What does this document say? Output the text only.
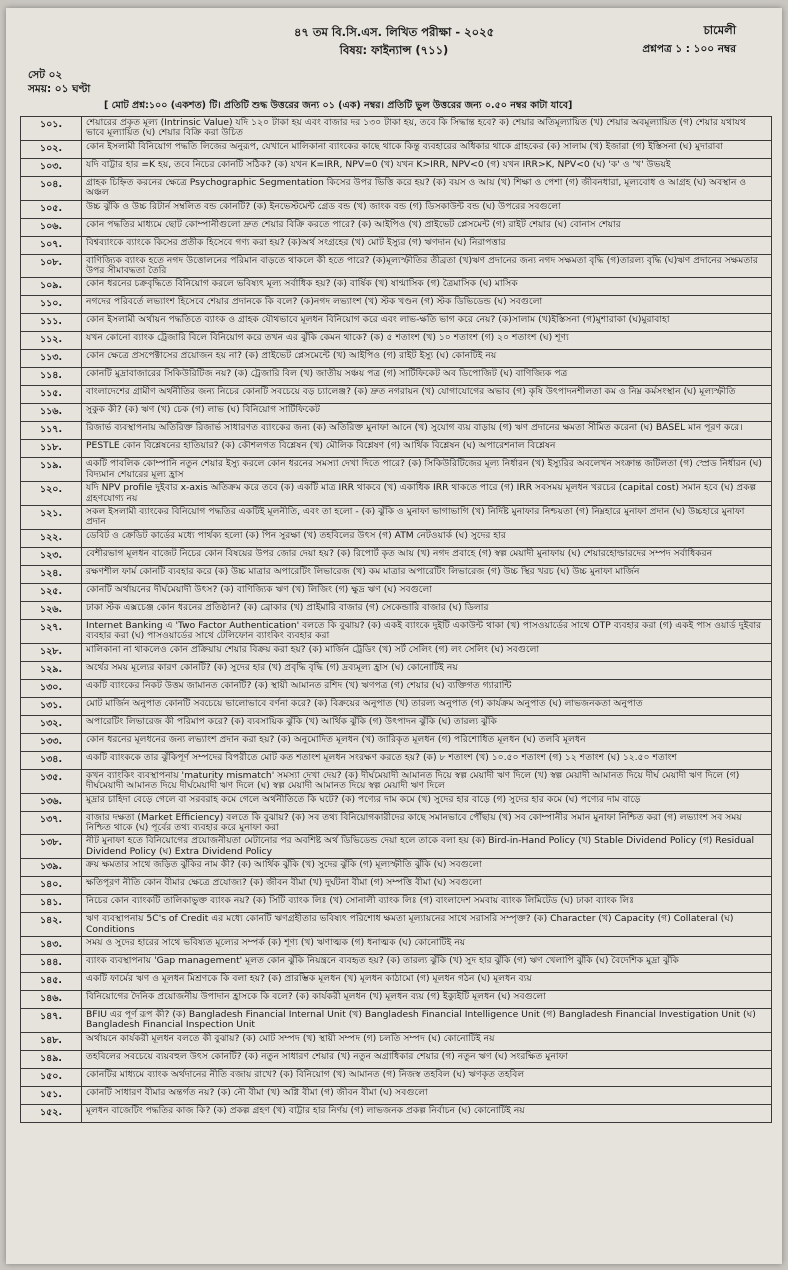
৪৭ তম বি.সি.এস. লিখিত পরীক্ষা - ২০২৫
বিষয়: ফাইন্যান্স (৭১১)
সেট ০২
সময়: ০১ ঘণ্টা
চামেলী
প্রশ্নপত্র ১ : ১০০ নম্বর
[ মোট প্রশ্ন:১০০ (একশত) টি। প্রতিটি শুদ্ধ উত্তরের জন্য ০১ (এক) নম্বর। প্রতিটি ভুল উত্তরের জন্য ০.৫০ নম্বর কাটা যাবে]
১০১.	শেয়ারের প্রকৃত মূল্য (Intrinsic Value) যদি ১২০ টাকা হয় এবং বাজার দর ১৩০ টাকা হয়, তবে কি সিদ্ধান্ত হবে? ক) শেয়ার অতিমূল্যায়িত (খ) শেয়ার অবমূল্যায়িত (গ) শেয়ার যথাযথ ভাবে মূল্যায়িত (ঘ) শেয়ার বিক্রি করা উচিত
১০২.	কোন ইসলামী বিনিয়োগ পদ্ধতি লিজের অনুরূপ, যেখানে মালিকানা ব্যাংকের কাছে থাকে কিন্তু ব্যবহারের অধিকার থাকে গ্রাহকের (ক) সালাম (খ) ইজারা (গ) ইস্তিসনা (ঘ) মুদারাবা
১০৩.	যদি বাট্টার হার =K হয়, তবে নিচের কোনটি সঠিক? (ক) যখন K=IRR, NPV=0 (খ) যখন K>IRR, NPV<0 (গ) যখন IRR>K, NPV<0 (ঘ) 'ক' ও 'খ' উভয়ই
১০৪.	গ্রাহক চিহ্নিত করনের ক্ষেত্রে Psychographic Segmentation কিসের উপর ভিত্তি করে হয়? (ক) বয়স ও আয় (খ) শিক্ষা ও পেশা (গ) জীবনধারা, মূল্যবোধ ও আগ্রহ (ঘ) অবস্থান ও অঞ্চল
১০৫.	উচ্চ ঝুঁকি ও উচ্চ রিটার্ন সম্বলিত বন্ড কোনটি? (ক) ইনভেস্টমেন্ট গ্রেড বন্ড (খ) জাংক বন্ড (গ) ডিসকাউন্ট বন্ড (ঘ) উপরের সবগুলো
১০৬.	কোন পদ্ধতির মাধ্যমে ছোট কোম্পানীগুলো দ্রুত শেয়ার বিক্রি করতে পারে? (ক) আইপিও (খ) প্রাইভেট প্লেসমেন্ট (গ) রাইট শেয়ার (ঘ) বোনাস শেয়ার
১০৭.	বিশ্বব্যাংকে ব্যাংকে কিসের প্রতীক হিসেবে গণ্য করা হয়? (ক)অর্থ সংগ্রহের (খ) মোট ইস্যুর (গ) ঋণদান (ঘ) নিরাপত্তার
১০৮.	বাণিজ্যিক ব্যাংক হতে নগদ উত্তোলনের পরিমান বাড়তে থাকলে কী হতে পারে? (ক)মূল্যস্ফীতির তীব্রতা (খ)ঋণ প্রদানের জন্য নগদ সক্ষমতা বৃদ্ধি (গ)তারল্য বৃদ্ধি (ঘ)ঋণ প্রদানের সক্ষমতার উপর সীমাবদ্ধতা তৈরি
১০৯.	কোন ধরনের চক্রবৃদ্ধিতে বিনিয়োগ করলে ভবিষ্যৎ মূল্য সর্বাধিক হয়? (ক) বার্ষিক (খ) ষাণ্মাসিক (গ) ত্রৈমাসিক (ঘ) মাসিক
১১০.	নগদের পরিবর্তে লভ্যাংশ হিসেবে শেয়ার প্রদানকে কি বলে? (ক)নগদ লভ্যাংশ (খ) স্টক খণ্ডন (গ) স্টক ডিভিডেন্ড (ঘ) সবগুলো
১১১.	কোন ইসলামী অর্থায়ন পদ্ধতিতে ব্যাংক ও গ্রাহক যৌথভাবে মূলধন বিনিয়োগ করে এবং লাভ-ক্ষতি ভাগ করে নেয়? (ক)সালাম (খ)ইস্তিসনা (গ)মুশারাকা (ঘ)মুরাবাহা
১১২.	যখন কোনো ব্যাংক ট্রেজারি বিলে বিনিয়োগ করে তখন এর ঝুঁকি কেমন থাকে? (ক) ৫ শতাংশ (খ) ১০ শতাংশ (গ) ২০ শতাংশ (ঘ) শূণ্য
১১৩.	কোন ক্ষেত্রে প্রসপেক্টাসের প্রয়োজন হয় না? (ক) প্রাইভেট প্লেসমেন্টে (খ) আইপিও (গ) রাইট ইস্যু (ঘ) কোনটিই নয়
১১৪.	কোনটি মুদ্রাবাজারের সিকিউরিটিজ নয়? (ক) ট্রেজারি বিল (খ) জাতীয় সঞ্চয় পত্র (গ) সার্টিফিকেট অব ডিপোজিট (ঘ) বাণিজ্যিক পত্র
১১৫.	বাংলাদেশের গ্রামীণ অর্থনীতির জন্য নিচের কোনটি সবচেয়ে বড় চ্যালেঞ্জ? (ক) দ্রুত নগরায়ন (খ) যোগাযোগের অভাব (গ) কৃষি উৎপাদনশীলতা কম ও নিম্ন কর্মসংস্থান (ঘ) মূল্যস্ফীতি
১১৬.	সুকুক কী? (ক) ঋণ (খ) চেক (গ) লাভ (ঘ) বিনিয়োগ সার্টিফিকেট
১১৭.	রিজার্ভ ব্যবস্থাপনায় অতিরিক্ত রিজার্ভ সাধারণত ব্যাংকের জন্য (ক) অতিরিক্ত মুনাফা আনে (খ) সুযোগ ব্যয় বাড়ায় (গ) ঋণ প্রদানের ক্ষমতা সীমিত করেনা (ঘ) BASEL মান পূরণ করে।
১১৮.	PESTLE কোন বিশ্লেষনের হাতিয়ার? (ক) কৌশলগত বিশ্লেষন (খ) মৌলিক বিশ্লেষণ (গ) আর্থিক বিশ্লেষন (ঘ) অপারেশনাল বিশ্লেষন
১১৯.	একটি পাবলিক কোম্পানি নতুন শেয়ার ইস্যু করলে কোন ধরনের সমস্যা দেখা দিতে পারে? (ক) সিকিউরিটিজের মূল্য নির্ধারন (খ) ইস্যুরির অবলেখন সংক্রান্ত জটিলতা (গ) স্প্রেড নির্ধারন (ঘ) বিদ্যমান শেয়ারের মূল্য হ্রাস
১২০.	যদি NPV profile দুইবার x-axis অতিক্রম করে তবে (ক) একটি মাত্র IRR থাকবে (খ) একাধিক IRR থাকতে পারে (গ) IRR সবসময় মূলধন খরচের (capital cost) সমান হবে (ঘ) প্রকল্প গ্রহণযোগ্য নয়
১২১.	সকল ইসলামী ব্যাংকের বিনিয়োগ পদ্ধতির একটিই মূলনীতি, এবং তা হলো - (ক) ঝুঁকি ও মুনাফা ভাগাভাগি (খ) নির্দিষ্ট মুনাফার নিশ্চয়তা (গ) নিম্নহারে মুনাফা প্রদান (ঘ) উচ্চহারে মুনাফা প্রদান
১২২.	ডেবিট ও ক্রেডিট কার্ডের মধ্যে পার্থক্য হলো (ক) পিন সুরক্ষা (খ) তহবিলের উৎস (গ) ATM নেটওয়ার্ক (ঘ) সুদের হার
১২৩.	বেশীরভাগ মূলধন বাজেট নিচের কোন বিষয়ের উপর জোর দেয়া হয়? (ক) রিপোর্ট কৃত আয় (খ) নগদ প্রবাহে (গ) স্বল্প মেয়াদী মুনাফায় (ঘ) শেয়ারহোল্ডারদের সম্পদ সর্বাধিকরন
১২৪.	রক্ষণশীল ফার্ম কোনটি ব্যবহার করে (ক) উচ্চ মাত্রার অপারেটিং লিভারেজ (খ) কম মাত্রার অপারেটিং লিভারেজ (গ) উচ্চ স্থির খরচ (ঘ) উচ্চ মুনাফা মার্জিন
১২৫.	কোনটি অর্থায়নের দীর্ঘমেয়াদী উৎস? (ক) বাণিজ্যিক ঋণ (খ) লিজিং (গ) ক্ষুদ্র ঋণ (ঘ) সবগুলো
১২৬.	ঢাকা স্টক এক্সচেঞ্জ কোন ধরনের প্রতিষ্ঠান? (ক) ব্রোকার (খ) প্রাইমারি বাজার (গ) সেকেন্ডারি বাজার (ঘ) ডিলার
১২৭.	Internet Banking এ 'Two Factor Authentication' বলতে কি বুঝায়? (ক) একই ব্যাংকে দুইটি একাউন্ট থাকা (খ) পাসওয়ার্ডের সাথে OTP ব্যবহার করা (গ) একই পাস ওয়ার্ড দুইবার ব্যবহার করা (ঘ) পাসওয়ার্ডের সাথে টেলিফোন ব্যাংকিং ব্যবহার করা
১২৮.	মালিকানা না থাকলেও কোন প্রক্রিয়ায় শেয়ার বিক্রয় করা হয়? (ক) মার্জিন ট্রেডিং (খ) সর্ট সেলিং (গ) লং সেলিং (ঘ) সবগুলো
১২৯.	অর্থের সময় মূল্যের কারণ কোনটি? (ক) সুদের হার (খ) প্রবৃদ্ধি বৃদ্ধি (গ) দ্রব্যমূল্য হ্রাস (ঘ) কোনোটিই নয়
১৩০.	একটি ব্যাংকের নিকট উত্তম জামানত কোনটি? (ক) স্থায়ী আমানত রশিদ (খ) ঋণপত্র (গ) শেয়ার (ঘ) ব্যক্তিগত গ্যারান্টি
১৩১.	মোট মার্জিন অনুপাত কোনটি সবচেয়ে ভালোভাবে বর্ণনা করে? (ক) বিক্রয়ের অনুপাত (খ) তারল্য অনুপাত (গ) কার্যক্রম অনুপাত (ঘ) লাভজনকতা অনুপাত
১৩২.	অপারেটিং লিভারেজ কী পরিমাপ করে? (ক) ব্যবসায়িক ঝুঁকি (খ) আর্থিক ঝুঁকি (গ) উৎপাদন ঝুঁকি (ঘ) তারল্য ঝুঁকি
১৩৩.	কোন ধরনের মূলধনের জন্য লভ্যাংশ প্রদান করা হয়? (ক) অনুমোদিত মূলধন (খ) জারিকৃত মূলধন (গ) পরিশোধিত মূলধন (ঘ) তলবি মূলধন
১৩৪.	একটি ব্যাংককে তার ঝুঁকিপূর্ণ সম্পদের বিপরীতে মোট কত শতাংশ মূলধন সংরক্ষণ করতে হয়? (ক) ৮ শতাংশ (খ) ১০.৫০ শতাংশ (গ) ১২ শতাংশ (ঘ) ১২.৫০ শতাংশ
১৩৫.	কখন ব্যাংকিং ব্যবস্থাপনায় 'maturity mismatch' সমস্যা দেখা দেয়? (ক) দীর্ঘমেয়াদী আমানত দিয়ে স্বল্প মেয়াদী ঋণ দিলে (খ) স্বল্প মেয়াদী আমানত দিয়ে দীর্ঘ মেয়াদী ঋণ দিলে (গ) দীর্ঘমেয়াদী আমানত দিয়ে দীর্ঘমেয়াদী ঋণ দিলে (ঘ) স্বল্প মেয়াদী আমানত দিয়ে স্বল্প মেয়াদী ঋণ দিলে
১৩৬.	মুদ্রার চাহিদা বেড়ে গেলে বা সরবরাহ কমে গেলে অর্থনীতিতে কি ঘটে? (ক) পণ্যের দাম কমে (খ) সুদের হার বাড়ে (গ) সুদের হার কমে (ঘ) পণ্যের দাম বাড়ে
১৩৭.	বাজার দক্ষতা (Market Efficiency) বলতে কি বুঝায়? (ক) সব তথ্য বিনিয়োগকারীদের কাছে সমানভাবে পৌঁছায় (খ) সব কোম্পানীর সমান মুনাফা নিশ্চিত করা (গ) লভ্যাংশ সব সময় নিশ্চিত থাকে (ঘ) পূর্বের তথ্য ব্যবহার করে মুনাফা করা
১৩৮.	নীট মুনাফা হতে বিনিয়োগের প্রয়োজনীয়তা মেটানোর পর অবশিষ্ট অর্থ ডিভিডেন্ড দেয়া হলে তাকে বলা হয় (ক) Bird-in-Hand Policy (খ) Stable Dividend Policy (গ) Residual Dividend Policy (ঘ) Extra Dividend Policy
১৩৯.	ক্রয় ক্ষমতার সাথে জড়িত ঝুঁকির নাম কী? (ক) আর্থিক ঝুঁকি (খ) সুদের ঝুঁকি (গ) মূল্যস্ফীতি ঝুঁকি (ঘ) সবগুলো
১৪০.	ক্ষতিপূরণ নীতি কোন বীমার ক্ষেত্রে প্রযোজ্য? (ক) জীবন বীমা (খ) দুর্ঘটনা বীমা (গ) সম্পত্তি বীমা (ঘ) সবগুলো
১৪১.	নিচের কোন ব্যাংকটি তালিকাভুক্ত ব্যাংক নয়? (ক) সিটি ব্যাংক লিঃ (খ) সোনালী ব্যাংক লিঃ (গ) বাংলাদেশ সমবায় ব্যাংক লিমিটেড (ঘ) ঢাকা ব্যাংক লিঃ
১৪২.	ঋণ ব্যবস্থাপনায় 5C's of Credit এর মধ্যে কোনটি ঋণগ্রহীতার ভবিষ্যৎ পরিশোধ ক্ষমতা মূল্যায়নের সাথে সরাসরি সম্পৃক্ত? (ক) Character (খ) Capacity (গ) Collateral (ঘ) Conditions
১৪৩.	সময় ও সুদের হারের সাথে ভবিষ্যত মূল্যের সম্পর্ক (ক) শূণ্য (খ) ঋণাত্মক (গ) ধনাত্মক (ঘ) কোনোটিই নয়
১৪৪.	ব্যাংক ব্যবস্থাপনায় 'Gap management' মূলত কোন ঝুঁকি নিয়ন্ত্রনে ব্যবহৃত হয়? (ক) তারল্য ঝুঁকি (খ) সুদ হার ঝুঁকি (গ) ঋণ খেলাপি ঝুঁকি (ঘ) বৈদেশিক মুদ্রা ঝুঁকি
১৪৫.	একটি ফার্মের ঋণ ও মূলধন মিশ্রণকে কি বলা হয়? (ক) প্রারম্ভিক মূলধন (খ) মূলধন কাঠামো (গ) মূলধন গঠন (ঘ) মূলধন ব্যয়
১৪৬.	বিনিয়োগের দৈনিক প্রয়োজনীয় উপাদান হ্রাসকে কি বলে? (ক) কার্যকরী মূলধন (খ) মূলধন ব্যয় (গ) ইক্যুইটি মূলধন (ঘ) সবগুলো
১৪৭.	BFIU এর পূর্ণ রূপ কী? (ক) Bangladesh Financial Internal Unit (খ) Bangladesh Financial Intelligence Unit (গ) Bangladesh Financial Investigation Unit (ঘ) Bangladesh Financial Inspection Unit
১৪৮.	অর্থায়নে কার্যকরী মূলধন বলতে কী বুঝায়? (ক) মোট সম্পদ (খ) স্থায়ী সম্পদ (গ) চলতি সম্পদ (ঘ) কোনোটিই নয়
১৪৯.	তহবিলের সবচেয়ে ব্যয়বহুল উৎস কোনটি? (ক) নতুন সাধারণ শেয়ার (খ) নতুন অগ্রাধিকার শেয়ার (গ) নতুন ঋণ (ঘ) সংরক্ষিত মুনাফা
১৫০.	কোনটির মাধ্যমে ব্যাংক অর্থদানের নীতি বজায় রাখে? (ক) বিনিয়োগ (খ) আমানত (গ) নিজস্ব তহবিল (ঘ) ঋণকৃত তহবিল
১৫১.	কোনটি সাধারণ বীমার অন্তর্গত নয়? (ক) নৌ বীমা (খ) অগ্নি বীমা (গ) জীবন বীমা (ঘ) সবগুলো
১৫২.	মূলধন বাজেটিং পদ্ধতির কাজ কি? (ক) প্রকল্প গ্রহণ (খ) বাট্টার হার নির্ণয় (গ) লাভজনক প্রকল্প নির্বাচন (ঘ) কোনোটিই নয়
